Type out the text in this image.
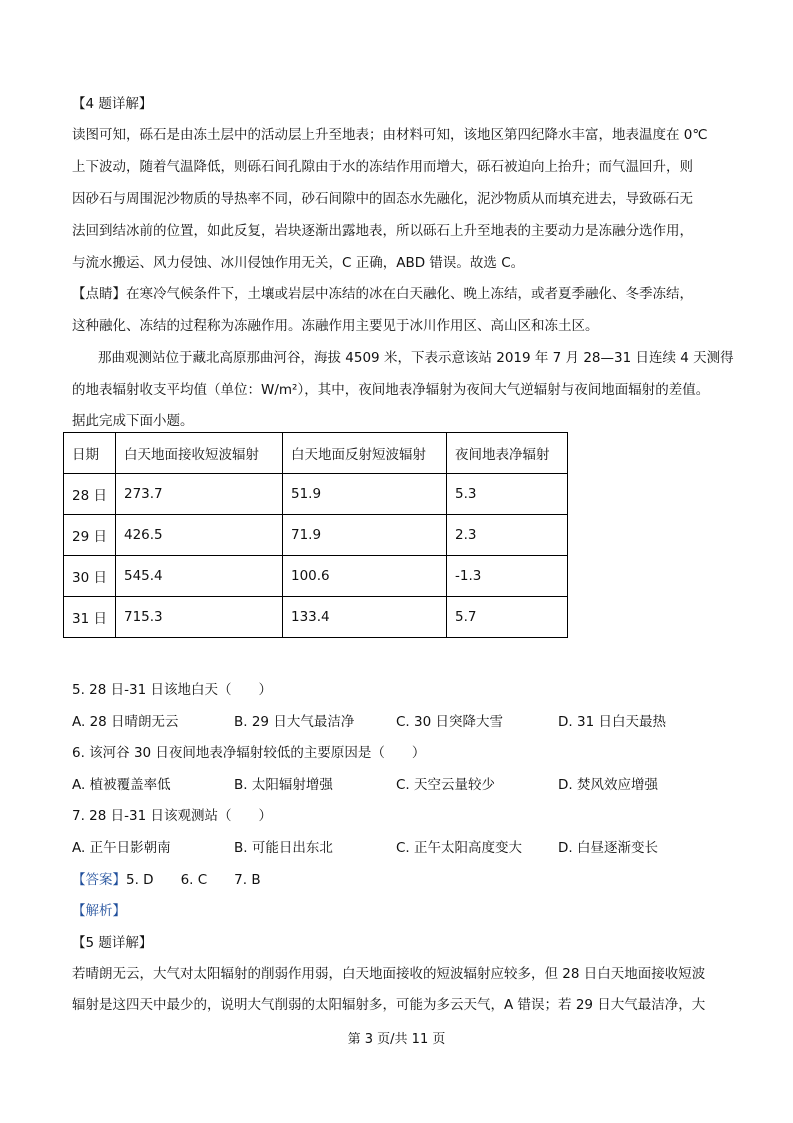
【4 题详解】

读图可知，砾石是由冻土层中的活动层上升至地表；由材料可知，该地区第四纪降水丰富，地表温度在 0℃

上下波动，随着气温降低，则砾石间孔隙由于水的冻结作用而增大，砾石被迫向上抬升；而气温回升，则

因砂石与周围泥沙物质的导热率不同，砂石间隙中的固态水先融化，泥沙物质从而填充进去，导致砾石无

法回到结冰前的位置，如此反复，岩块逐渐出露地表，所以砾石上升至地表的主要动力是冻融分选作用，

与流水搬运、风力侵蚀、冰川侵蚀作用无关，C 正确，ABD 错误。故选 C。

【点睛】在寒冷气候条件下，土壤或岩层中冻结的冰在白天融化、晚上冻结，或者夏季融化、冬季冻结，

这种融化、冻结的过程称为冻融作用。冻融作用主要见于冰川作用区、高山区和冻土区。

那曲观测站位于藏北高原那曲河谷，海拔 4509 米，下表示意该站 2019 年 7 月 28—31 日连续 4 天测得

的地表辐射收支平均值（单位：W/m²），其中，夜间地表净辐射为夜间大气逆辐射与夜间地面辐射的差值。

据此完成下面小题。

日期	白天地面接收短波辐射	白天地面反射短波辐射	夜间地表净辐射
28 日	273.7	51.9	5.3
29 日	426.5	71.9	2.3
30 日	545.4	100.6	-1.3
31 日	715.3	133.4	5.7

5. 28 日-31 日该地白天（　　）

A. 28 日晴朗无云	B. 29 日大气最洁净	C. 30 日突降大雪	D. 31 日白天最热

6. 该河谷 30 日夜间地表净辐射较低的主要原因是（　　）

A. 植被覆盖率低	B. 太阳辐射增强	C. 天空云量较少	D. 焚风效应增强

7. 28 日-31 日该观测站（　　）

A. 正午日影朝南	B. 可能日出东北	C. 正午太阳高度变大	D. 白昼逐渐变长

【答案】5. D　　6. C　　7. B

【解析】

【5 题详解】

若晴朗无云，大气对太阳辐射的削弱作用弱，白天地面接收的短波辐射应较多，但 28 日白天地面接收短波

辐射是这四天中最少的，说明大气削弱的太阳辐射多，可能为多云天气，A 错误；若 29 日大气最洁净，大

第 3 页/共 11 页
